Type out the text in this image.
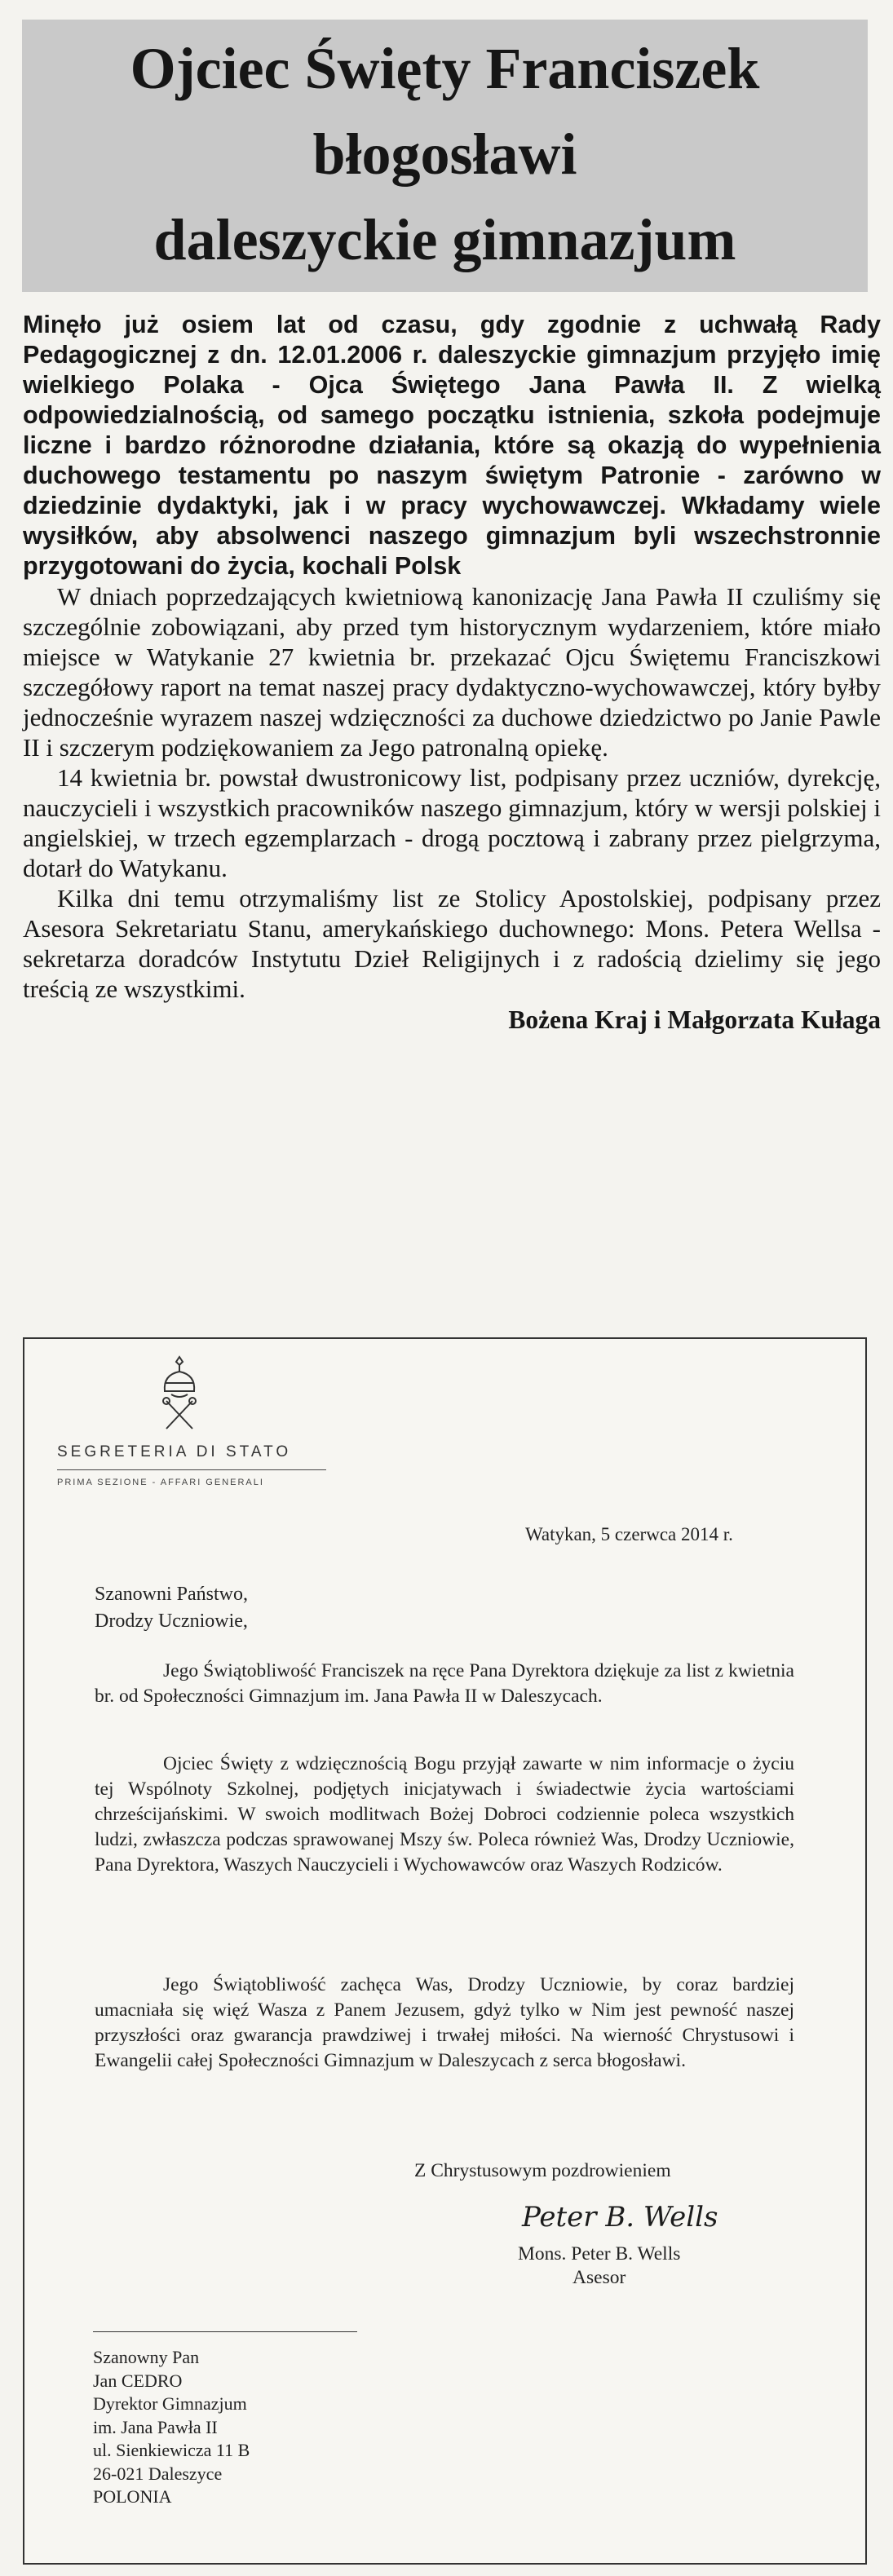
Ojciec Święty Franciszek
błogosławi
daleszyckie gimnazjum

Minęło już osiem lat od czasu, gdy zgodnie z uchwałą Rady Pedagogicznej z dn. 12.01.2006 r. daleszyckie gimnazjum przyjęło imię wielkiego Polaka - Ojca Świętego Jana Pawła II. Z wielką odpowiedzialnością, od samego początku istnienia, szkoła podejmuje liczne i bardzo różnorodne działania, które są okazją do wypełnienia duchowego testamentu po naszym świętym Patronie - zarówno w dziedzinie dydaktyki, jak i w pracy wychowawczej. Wkładamy wiele wysiłków, aby absolwenci naszego gimnazjum byli wszechstronnie przygotowani do życia, kochali Polsk

W dniach poprzedzających kwietniową kanonizację Jana Pawła II czuliśmy się szczególnie zobowiązani, aby przed tym historycznym wydarzeniem, które miało miejsce w Watykanie 27 kwietnia br. przekazać Ojcu Świętemu Franciszkowi szczegółowy raport na temat naszej pracy dydaktyczno-wychowawczej, który byłby jednocześnie wyrazem naszej wdzięczności za duchowe dziedzictwo po Janie Pawle II i szczerym podziękowaniem za Jego patronalną opiekę.

14 kwietnia br. powstał dwustronicowy list, podpisany przez uczniów, dyrekcję, nauczycieli i wszystkich pracowników naszego gimnazjum, który w wersji polskiej i angielskiej, w trzech egzemplarzach - drogą pocztową i zabrany przez pielgrzyma, dotarł do Watykanu.

Kilka dni temu otrzymaliśmy list ze Stolicy Apostolskiej, podpisany przez Asesora Sekretariatu Stanu, amerykańskiego duchownego: Mons. Petera Wellsa - sekretarza doradców Instytutu Dzieł Religijnych i z radością dzielimy się jego treścią ze wszystkimi.

Bożena Kraj i Małgorzata Kułaga

SEGRETERIA DI STATO
PRIMA SEZIONE - AFFARI GENERALI
Watykan, 5 czerwca 2014 r.
Szanowni Państwo,
Drodzy Uczniowie,
Jego Świątobliwość Franciszek na ręce Pana Dyrektora dziękuje za list z kwietnia br. od Społeczności Gimnazjum im. Jana Pawła II w Daleszycach.
Ojciec Święty z wdzięcznością Bogu przyjął zawarte w nim informacje o życiu tej Wspólnoty Szkolnej, podjętych inicjatywach i świadectwie życia wartościami chrześcijańskimi. W swoich modlitwach Bożej Dobroci codziennie poleca wszystkich ludzi, zwłaszcza podczas sprawowanej Mszy św. Poleca również Was, Drodzy Uczniowie, Pana Dyrektora, Waszych Nauczycieli i Wychowawców oraz Waszych Rodziców.
Jego Świątobliwość zachęca Was, Drodzy Uczniowie, by coraz bardziej umacniała się więź Wasza z Panem Jezusem, gdyż tylko w Nim jest pewność naszej przyszłości oraz gwarancja prawdziwej i trwałej miłości. Na wierność Chrystusowi i Ewangelii całej Społeczności Gimnazjum w Daleszycach z serca błogosławi.
Z Chrystusowym pozdrowieniem
Peter B. Wells
Mons. Peter B. Wells
Asesor
Szanowny Pan
Jan CEDRO
Dyrektor Gimnazjum
im. Jana Pawła II
ul. Sienkiewicza 11 B
26-021 Daleszyce
POLONIA
